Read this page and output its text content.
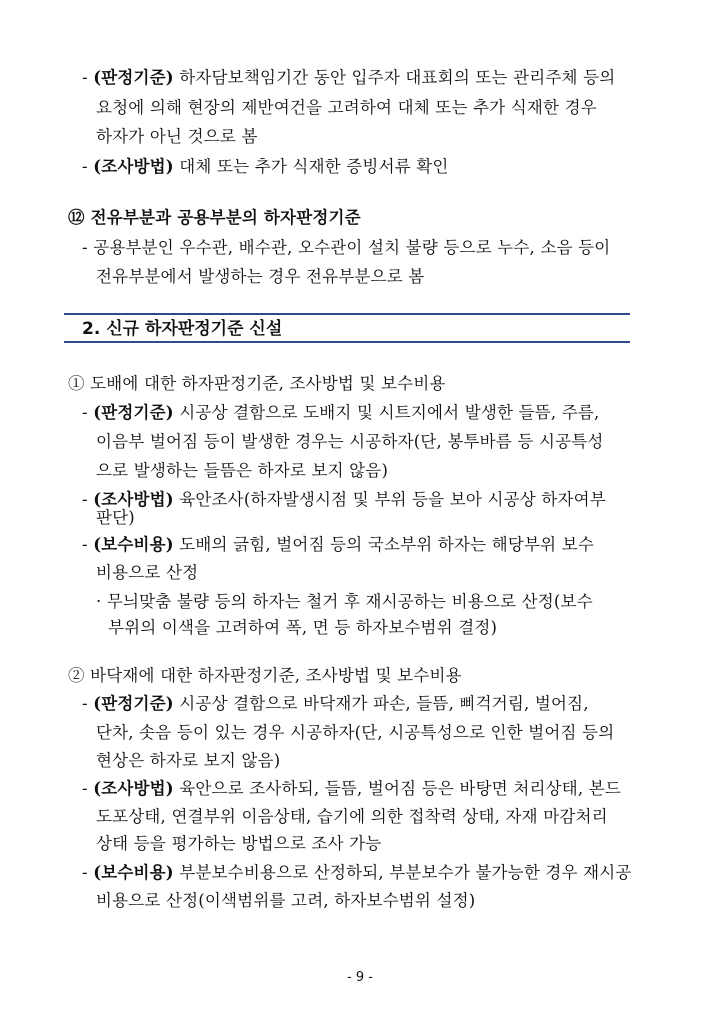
- (판정기준) 하자담보책임기간 동안 입주자 대표회의 또는 관리주체 등의
요청에 의해 현장의 제반여건을 고려하여 대체 또는 추가 식재한 경우
하자가 아닌 것으로 봄
- (조사방법) 대체 또는 추가 식재한 증빙서류 확인
⑫ 전유부분과 공용부분의 하자판정기준
- 공용부분인 우수관, 배수관, 오수관이 설치 불량 등으로 누수, 소음 등이
전유부분에서 발생하는 경우 전유부분으로 봄
2. 신규 하자판정기준 신설
① 도배에 대한 하자판정기준, 조사방법 및 보수비용
- (판정기준) 시공상 결함으로 도배지 및 시트지에서 발생한 들뜸, 주름,
이음부 벌어짐 등이 발생한 경우는 시공하자(단, 봉투바름 등 시공특성
으로 발생하는 들뜸은 하자로 보지 않음)
- (조사방법) 육안조사(하자발생시점 및 부위 등을 보아 시공상 하자여부
판단)
- (보수비용) 도배의 긁힘, 벌어짐 등의 국소부위 하자는 해당부위 보수
비용으로 산정
· 무늬맞춤 불량 등의 하자는 철거 후 재시공하는 비용으로 산정(보수
부위의 이색을 고려하여 폭, 면 등 하자보수범위 결정)
② 바닥재에 대한 하자판정기준, 조사방법 및 보수비용
- (판정기준) 시공상 결함으로 바닥재가 파손, 들뜸, 삐걱거림, 벌어짐,
단차, 솟음 등이 있는 경우 시공하자(단, 시공특성으로 인한 벌어짐 등의
현상은 하자로 보지 않음)
- (조사방법) 육안으로 조사하되, 들뜸, 벌어짐 등은 바탕면 처리상태, 본드
도포상태, 연결부위 이음상태, 습기에 의한 접착력 상태, 자재 마감처리
상태 등을 평가하는 방법으로 조사 가능
- (보수비용) 부분보수비용으로 산정하되, 부분보수가 불가능한 경우 재시공
비용으로 산정(이색범위를 고려, 하자보수범위 설정)
- 9 -
